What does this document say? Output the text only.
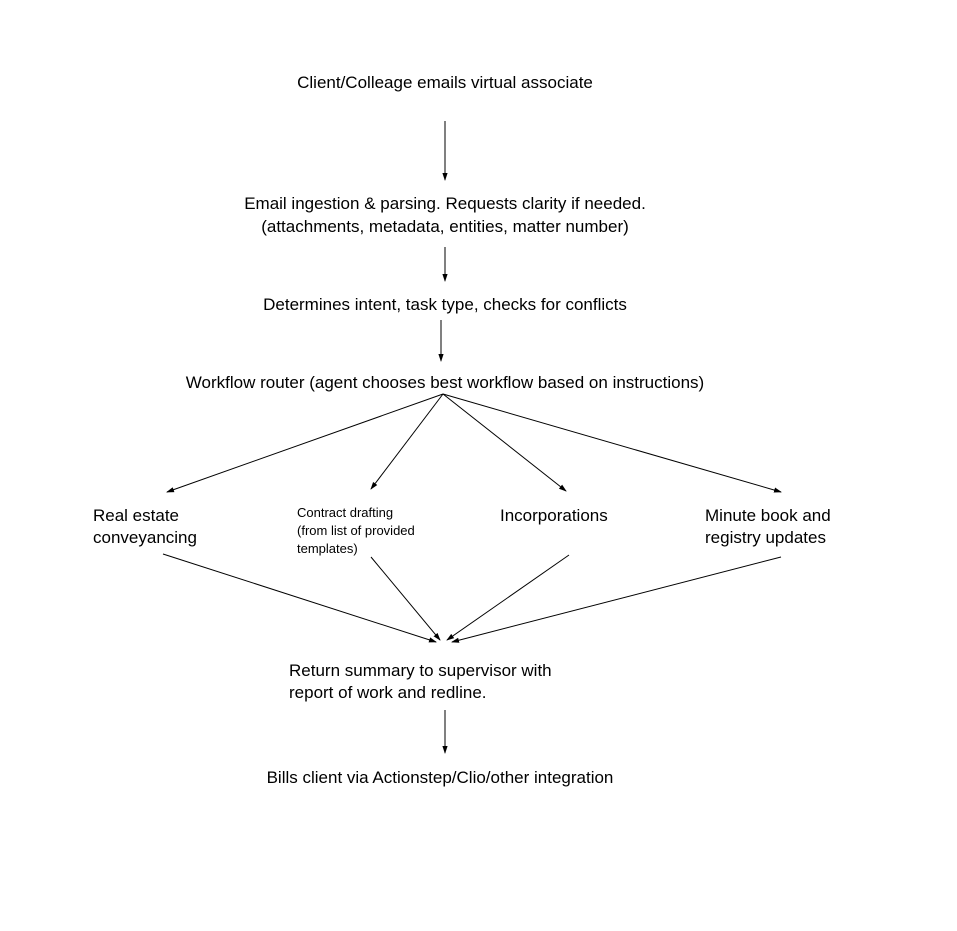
Client/Colleage emails virtual associate
Email ingestion & parsing. Requests clarity if needed.
(attachments, metadata, entities, matter number)
Determines intent, task type, checks for conflicts
Workflow router (agent chooses best workflow based on instructions)
Real estate
conveyancing
Contract drafting
(from list of provided
templates)
Incorporations	Minute book and
registry updates
Return summary to supervisor with
report of work and redline.
Bills client via Actionstep/Clio/other integration
